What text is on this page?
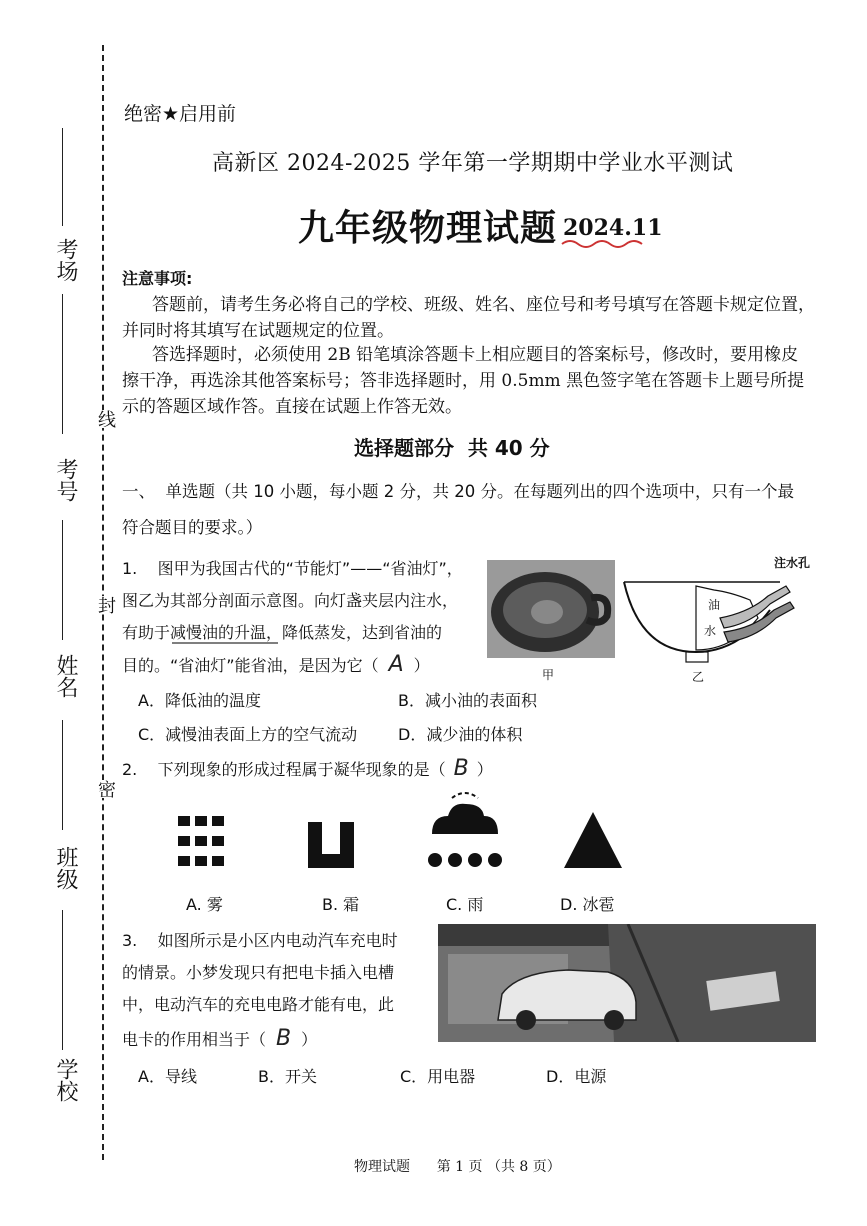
线
封
密
考场
考号
姓名
班级
学校
绝密★启用前
高新区 2024-2025 学年第一学期期中学业水平测试
九年级物理试题 2024.11
注意事项:
答题前，请考生务必将自己的学校、班级、姓名、座位号和考号填写在答题卡规定位置，
并同时将其填写在试题规定的位置。
答选择题时，必须使用 2B 铅笔填涂答题卡上相应题目的答案标号，修改时，要用橡皮
擦干净，再选涂其他答案标号；答非选择题时，用 0.5mm 黑色签字笔在答题卡上题号所提
示的答题区域作答。直接在试题上作答无效。
选择题部分  共 40 分
一、  单选题（共 10 小题，每小题 2 分，共 20 分。在每题列出的四个选项中，只有一个最
符合题目的要求。）
1.    图甲为我国古代的“节能灯”——“省油灯”，
图乙为其部分剖面示意图。向灯盏夹层内注水，
有助于减慢油的升温，降低蒸发，达到省油的
目的。“省油灯”能省油，是因为它（ A ）	甲
注水孔
油
水
乙
A．降低油的温度	B．减小油的表面积
C．减慢油表面上方的空气流动	D．减少油的体积
2.    下列现象的形成过程属于凝华现象的是（ B ）
A. 雾	B. 霜	C. 雨	D. 冰雹
3.    如图所示是小区内电动汽车充电时
的情景。小梦发现只有把电卡插入电槽
中，电动汽车的充电电路才能有电，此
电卡的作用相当于（ B ）
A．导线	B．开关	C．用电器	D．电源
物理试题      第 1 页 （共 8 页）
